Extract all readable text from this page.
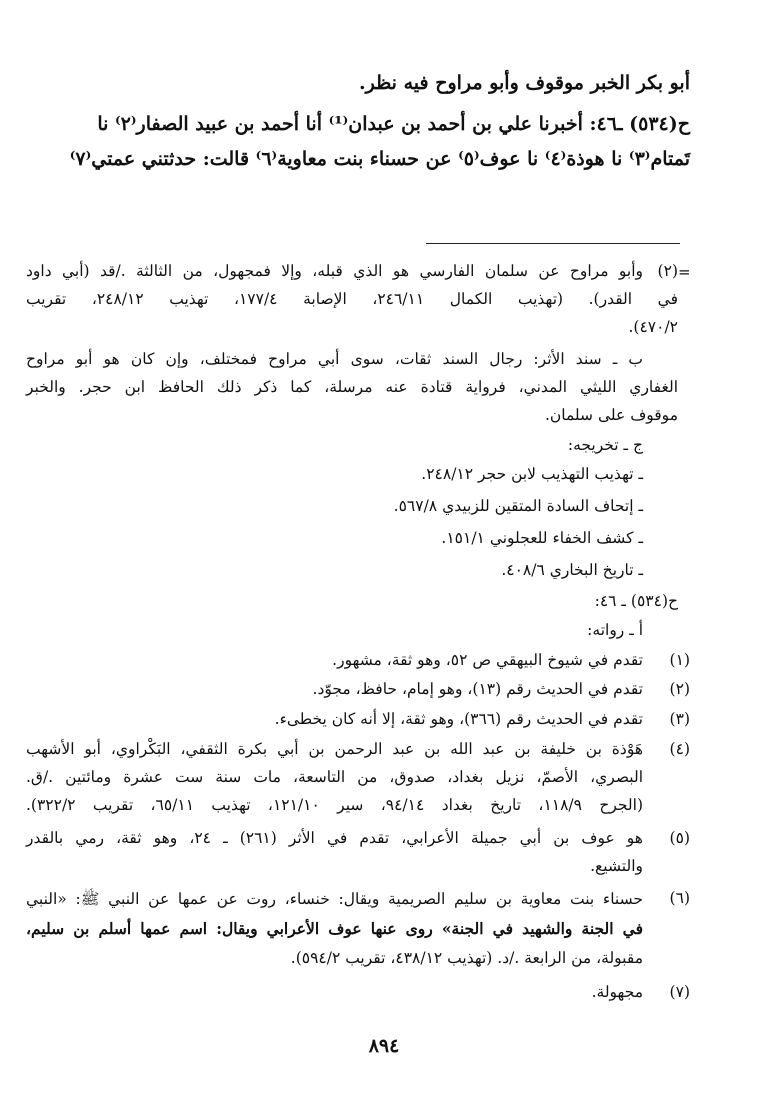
أبو بكر الخبر موقوف وأبو مراوح فيه نظر.
ح(٥٣٤) ـ٤٦: أخبرنا علي بن أحمد بن عبدان⁽¹⁾ أنا أحمد بن عبيد الصفار⁽٢⁾ نا
تَمتام⁽٣⁾ نا هوذة⁽٤⁾ نا عوف⁽٥⁾ عن حسناء بنت معاوية⁽٦⁾ قالت: حدثتني عمتي⁽٧⁾
=
(٢)
وأبو مراوح عن سلمان الفارسي هو الذي قبله، وإلا فمجهول، من الثالثة ./قد (أبي داود
في القدر). (تهذيب الكمال ٢٤٦/١١، الإصابة ١٧٧/٤، تهذيب ٢٤٨/١٢، تقريب
٤٧٠/٢).
ب ـ سند الأثر: رجال السند ثقات، سوى أبي مراوح فمختلف، وإن كان هو أبو مراوح
الغفاري الليثي المدني، فرواية قتادة عنه مرسلة، كما ذكر ذلك الحافظ ابن حجر. والخبر
موقوف على سلمان.
ج ـ تخريجه:
ـ تهذيب التهذيب لابن حجر ٢٤٨/١٢.
ـ إتحاف السادة المتقين للزبيدي ٥٦٧/٨.
ـ كشف الخفاء للعجلوني ١٥١/١.
ـ تاريخ البخاري ٤٠٨/٦.
ح(٥٣٤) ـ ٤٦:
أ ـ رواته:
(١)
تقدم في شيوخ البيهقي ص ٥٢، وهو ثقة، مشهور.
(٢)
تقدم في الحديث رقم (١٣)، وهو إمام، حافظ، مجوّد.
(٣)
تقدم في الحديث رقم (٣٦٦)، وهو ثقة، إلا أنه كان يخطىء.
(٤)
هَوْذة بن خليفة بن عبد الله بن عبد الرحمن بن أبي بكرة الثقفي، البَكْراوي، أبو الأشهب
البصري، الأصمّ، نزيل بغداد، صدوق، من التاسعة، مات سنة ست عشرة ومائتين ./ق.
(الجرح ١١٨/٩، تاريخ بغداد ٩٤/١٤، سير ١٢١/١٠، تهذيب ٦٥/١١، تقريب ٣٢٢/٢).
(٥)
هو عوف بن أبي جميلة الأعرابي، تقدم في الأثر (٢٦١) ـ ٢٤، وهو ثقة، رمي بالقدر
والتشيع.
(٦)
حسناء بنت معاوية بن سليم الصريمية ويقال: خنساء، روت عن عمها عن النبي ﷺ: «النبي
في الجنة والشهيد في الجنة» روى عنها عوف الأعرابي ويقال: اسم عمها أسلم بن سليم،
مقبولة، من الرابعة ./د. (تهذيب ٤٣٨/١٢، تقريب ٥٩٤/٢).
(٧)
مجهولة.
٨٩٤
